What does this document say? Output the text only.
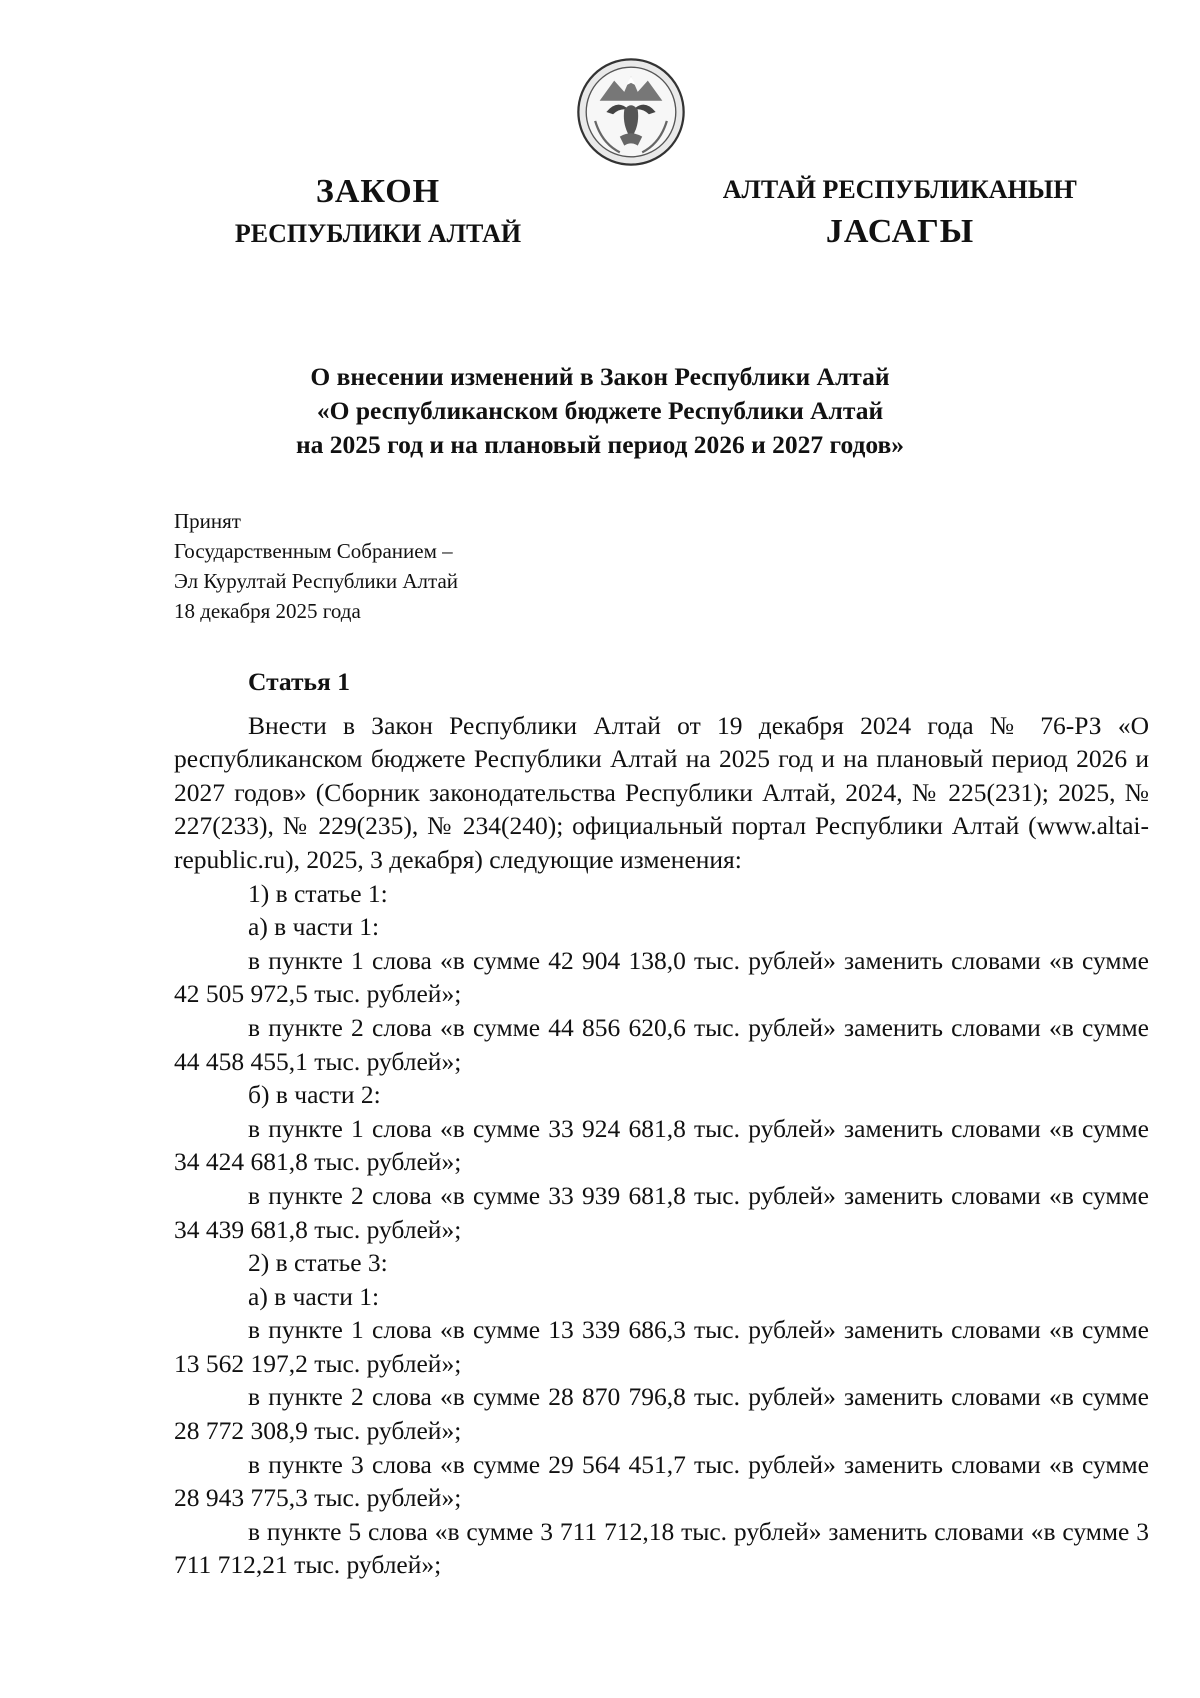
ЗАКОН
РЕСПУБЛИКИ АЛТАЙ
АЛТАЙ РЕСПУБЛИКАНЫҤ
JАСАГЫ
О внесении изменений в Закон Республики Алтай
«О республиканском бюджете Республики Алтай
на 2025 год и на плановый период 2026 и 2027 годов»
Принят
Государственным Собранием –
Эл Курултай Республики Алтай
18 декабря 2025 года
Статья 1

Внести в Закон Республики Алтай от 19 декабря 2024 года № 76-РЗ «О республиканском бюджете Республики Алтай на 2025 год и на плановый период 2026 и 2027 годов» (Сборник законодательства Республики Алтай, 2024, № 225(231); 2025, № 227(233), № 229(235), № 234(240); официальный портал Республики Алтай (www.altai-republic.ru), 2025, 3 декабря) следующие изменения:

1) в статье 1:

а) в части 1:

в пункте 1 слова «в сумме 42 904 138,0 тыс. рублей» заменить словами «в сумме 42 505 972,5 тыс. рублей»;

в пункте 2 слова «в сумме 44 856 620,6 тыс. рублей» заменить словами «в сумме 44 458 455,1 тыс. рублей»;

б) в части 2:

в пункте 1 слова «в сумме 33 924 681,8 тыс. рублей» заменить словами «в сумме 34 424 681,8 тыс. рублей»;

в пункте 2 слова «в сумме 33 939 681,8 тыс. рублей» заменить словами «в сумме 34 439 681,8 тыс. рублей»;

2) в статье 3:

а) в части 1:

в пункте 1 слова «в сумме 13 339 686,3 тыс. рублей» заменить словами «в сумме 13 562 197,2 тыс. рублей»;

в пункте 2 слова «в сумме 28 870 796,8 тыс. рублей» заменить словами «в сумме 28 772 308,9 тыс. рублей»;

в пункте 3 слова «в сумме 29 564 451,7 тыс. рублей» заменить словами «в сумме 28 943 775,3 тыс. рублей»;

в пункте 5 слова «в сумме 3 711 712,18 тыс. рублей» заменить словами «в сумме 3 711 712,21 тыс. рублей»;
